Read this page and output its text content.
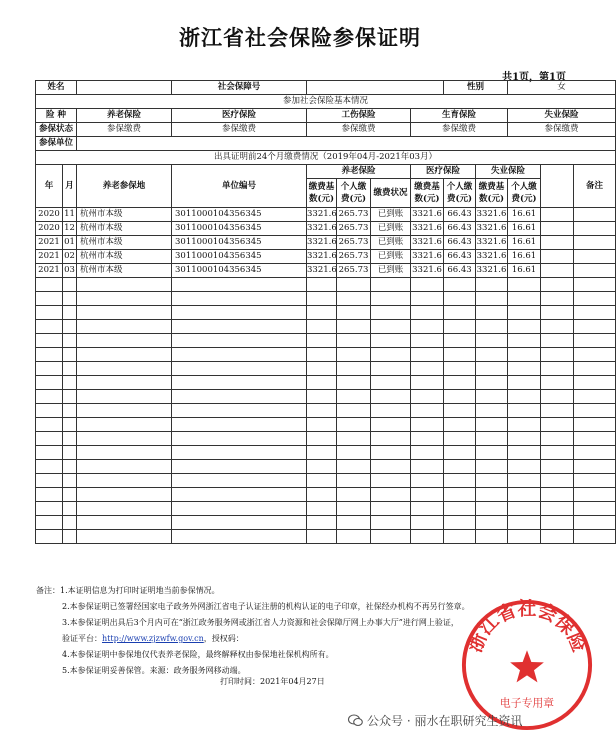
浙江省社会保险参保证明
共1页，第1页
姓名			社会保障号					性别		女		
参加社会保险基本情况												
险 种		养老保险	医疗保险	工伤保险			生育保险			失业保险		
参保状态		参保缴费	参保缴费	参保缴费			参保缴费			参保缴费		
参保单位												
出具证明前24个月缴费情况（2019年04月-2021年03月）												
年	月	养老参保地	单位编号	养老保险			医疗保险		失业保险			备注
				缴费基数(元)	个人缴费(元)	缴费状况	缴费基数(元)	个人缴费(元)	缴费基数(元)	个人缴费(元)		
2020	11	杭州市本级	3011000104356345	3321.6	265.73	已到账	3321.6	66.43	3321.6	16.61		
2020	12	杭州市本级	3011000104356345	3321.6	265.73	已到账	3321.6	66.43	3321.6	16.61		
2021	01	杭州市本级	3011000104356345	3321.6	265.73	已到账	3321.6	66.43	3321.6	16.61		
2021	02	杭州市本级	3011000104356345	3321.6	265.73	已到账	3321.6	66.43	3321.6	16.61		
2021	03	杭州市本级	3011000104356345	3321.6	265.73	已到账	3321.6	66.43	3321.6	16.61		

备注：1.本证明信息为打印时证明地当前参保情况。
2.本参保证明已签署经国家电子政务外网浙江省电子认证注册的机构认证的电子印章，社保经办机构不再另行签章。
3.本参保证明出具后3个月内可在“浙江政务服务网或浙江省人力资源和社会保障厅网上办事大厅”进行网上验证，
验证平台：http://www.zjzwfw.gov.cn，授权码：
4.本参保证明中参保地仅代表养老保险，最终解释权由参保地社保机构所有。
5.本参保证明妥善保管。来源：政务服务网移动端。
打印时间：2021年04月27日
浙江省社会保险
电子专用章
公众号 · 丽水在职研究生资讯
